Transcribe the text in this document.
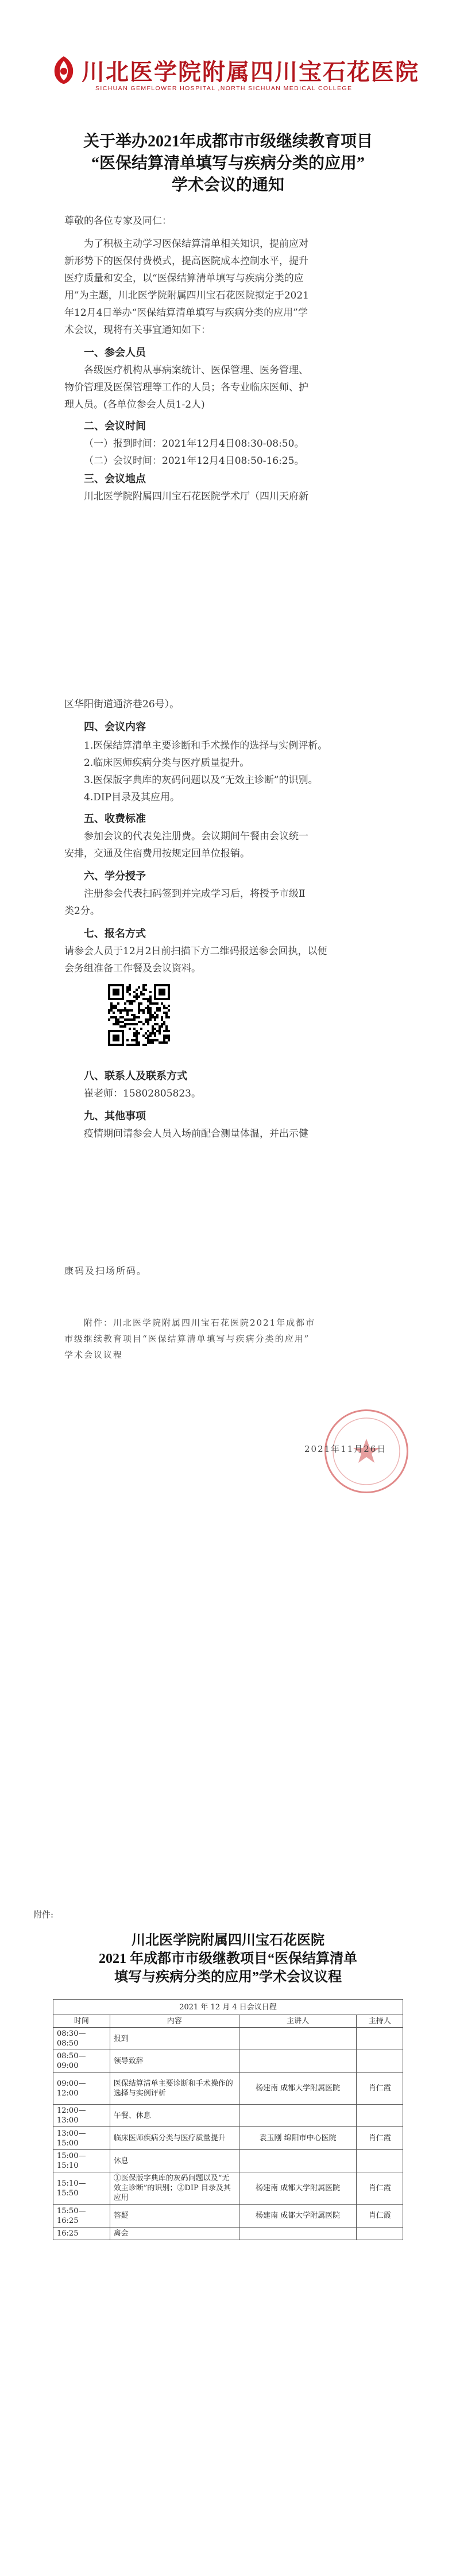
川北医学院附属四川宝石花医院
SICHUAN GEMFLOWER HOSPITAL ,NORTH SICHUAN MEDICAL COLLEGE
关于举办2021年成都市市级继续教育项目
“医保结算清单填写与疾病分类的应用”
学术会议的通知
尊敬的各位专家及同仁：
为了积极主动学习医保结算清单相关知识，提前应对
新形势下的医保付费模式，提高医院成本控制水平，提升
医疗质量和安全，以“医保结算清单填写与疾病分类的应
用”为主题，川北医学院附属四川宝石花医院拟定于2021
年12月4日举办“医保结算清单填写与疾病分类的应用”学
术会议，现将有关事宜通知如下：
一、参会人员
各级医疗机构从事病案统计、医保管理、医务管理、
物价管理及医保管理等工作的人员；各专业临床医师、护
理人员。(各单位参会人员1-2人)
二、会议时间
（一）报到时间：2021年12月4日08:30-08:50。
（二）会议时间：2021年12月4日08:50-16:25。
三、会议地点
川北医学院附属四川宝石花医院学术厅（四川天府新
区华阳街道通济巷26号）。
四、会议内容
1.医保结算清单主要诊断和手术操作的选择与实例评析。
2.临床医师疾病分类与医疗质量提升。
3.医保版字典库的灰码问题以及“无效主诊断”的识别。
4.DIP目录及其应用。
五、收费标准
参加会议的代表免注册费。会议期间午餐由会议统一
安排，交通及住宿费用按规定回单位报销。
六、学分授予
注册参会代表扫码签到并完成学习后，将授予市级Ⅱ
类2分。
七、报名方式
请参会人员于12月2日前扫描下方二维码报送参会回执，以便
会务组准备工作餐及会议资料。
八、联系人及联系方式
崔老师：15802805823。
九、其他事项
疫情期间请参会人员入场前配合测量体温，并出示健
康码及扫场所码。
附件：川北医学院附属四川宝石花医院2021年成都市
市级继续教育项目“医保结算清单填写与疾病分类的应用”
学术会议议程
2021年11月26日
附件:
川北医学院附属四川宝石花医院
2021 年成都市市级继教项目“医保结算清单
填写与疾病分类的应用”学术会议议程
2021 年 12 月 4 日会议日程			
时间	内容	主讲人	主持人
08:30—08:50	报到		
08:50—09:00	领导致辞		
09:00—12:00	医保结算清单主要诊断和手术操作的选择与实例评析	杨建南 成都大学附属医院	肖仁霞
12:00—13:00	午餐、休息		
13:00—15:00	临床医师疾病分类与医疗质量提升	袁玉刚 绵阳市中心医院	肖仁霞
15:00—15:10	休息		
15:10—15:50	①医保版字典库的灰码问题以及“无效主诊断”的识别；②DIP 目录及其应用	杨建南 成都大学附属医院	肖仁霞
15:50—16:25	答疑	杨建南 成都大学附属医院	肖仁霞
16:25	离会		
